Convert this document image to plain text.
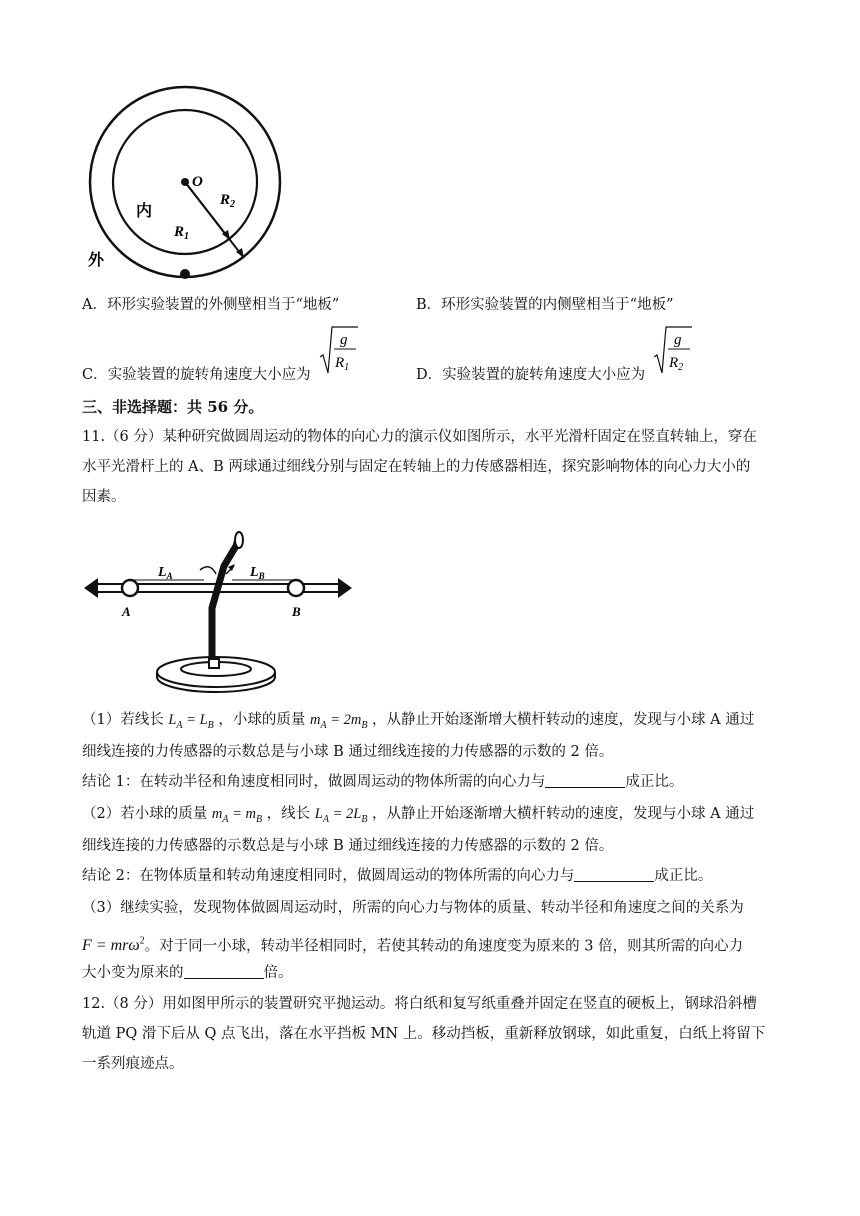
O
内
外
$R_1$
$R_2$
A．环形实验装置的外侧壁相当于“地板”	B．环形实验装置的内侧壁相当于“地板”
C．实验装置的旋转角速度大小应为
g
$R_1$	D．实验装置的旋转角速度大小应为
g
$R_2$
三、非选择题：共 56 分。
11.（6 分）某种研究做圆周运动的物体的向心力的演示仪如图所示，水平光滑杆固定在竖直转轴上，穿在
水平光滑杆上的 A、B 两球通过细线分别与固定在转轴上的力传感器相连，探究影响物体的向心力大小的
因素。
$L_A$	$L_B$
A	B
（1）若线长 $L_A = L_B$ ，小球的质量 $m_A = 2m_B$ ，从静止开始逐渐增大横杆转动的速度，发现与小球 A 通过
细线连接的力传感器的示数总是与小球 B 通过细线连接的力传感器的示数的 2 倍。
结论 1：在转动半径和角速度相同时，做圆周运动的物体所需的向心力与	成正比。
（2）若小球的质量 $m_A = m_B$ ，线长 $L_A = 2L_B$ ，从静止开始逐渐增大横杆转动的速度，发现与小球 A 通过
细线连接的力传感器的示数总是与小球 B 通过细线连接的力传感器的示数的 2 倍。
结论 2：在物体质量和转动角速度相同时，做圆周运动的物体所需的向心力与	成正比。
（3）继续实验，发现物体做圆周运动时，所需的向心力与物体的质量、转动半径和角速度之间的关系为
F = mrω$^2$。对于同一小球，转动半径相同时，若使其转动的角速度变为原来的 3 倍，则其所需的向心力
大小变为原来的	倍。
12.（8 分）用如图甲所示的装置研究平抛运动。将白纸和复写纸重叠并固定在竖直的硬板上，钢球沿斜槽
轨道 PQ 滑下后从 Q 点飞出，落在水平挡板 MN 上。移动挡板，重新释放钢球，如此重复，白纸上将留下
一系列痕迹点。
